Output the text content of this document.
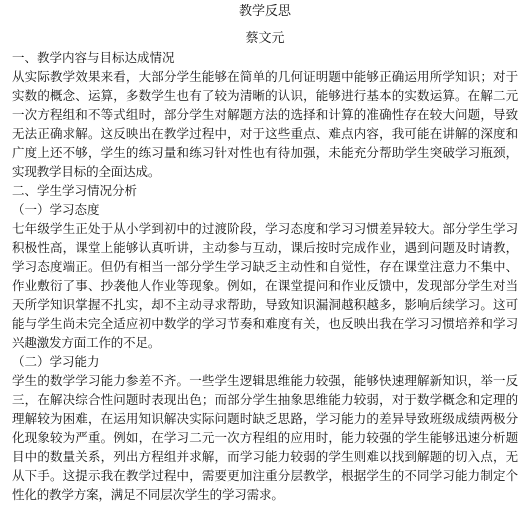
教学反思

蔡文元

一、教学内容与目标达成情况

从实际教学效果来看，大部分学生能够在简单的几何证明题中能够正确运用所学知识；对于实数的概念、运算，多数学生也有了较为清晰的认识，能够进行基本的实数运算。在解二元一次方程组和不等式组时，部分学生对解题方法的选择和计算的准确性存在较大问题，导致无法正确求解。这反映出在教学过程中，对于这些重点、难点内容，我可能在讲解的深度和广度上还不够，学生的练习量和练习针对性也有待加强，未能充分帮助学生突破学习瓶颈，实现教学目标的全面达成。

二、学生学习情况分析

（一）学习态度

七年级学生正处于从小学到初中的过渡阶段，学习态度和学习习惯差异较大。部分学生学习积极性高，课堂上能够认真听讲，主动参与互动，课后按时完成作业，遇到问题及时请教，学习态度端正。但仍有相当一部分学生学习缺乏主动性和自觉性，存在课堂注意力不集中、作业敷衍了事、抄袭他人作业等现象。例如，在课堂提问和作业反馈中，发现部分学生对当天所学知识掌握不扎实，却不主动寻求帮助，导致知识漏洞越积越多，影响后续学习。这可能与学生尚未完全适应初中数学的学习节奏和难度有关，也反映出我在学习习惯培养和学习兴趣激发方面工作的不足。

（二）学习能力

学生的数学学习能力参差不齐。一些学生逻辑思维能力较强，能够快速理解新知识，举一反三，在解决综合性问题时表现出色；而部分学生抽象思维能力较弱，对于数学概念和定理的理解较为困难，在运用知识解决实际问题时缺乏思路，学习能力的差异导致班级成绩两极分化现象较为严重。例如，在学习二元一次方程组的应用时，能力较强的学生能够迅速分析题目中的数量关系，列出方程组并求解，而学习能力较弱的学生则难以找到解题的切入点，无从下手。这提示我在教学过程中，需要更加注重分层教学，根据学生的不同学习能力制定个性化的教学方案，满足不同层次学生的学习需求。
